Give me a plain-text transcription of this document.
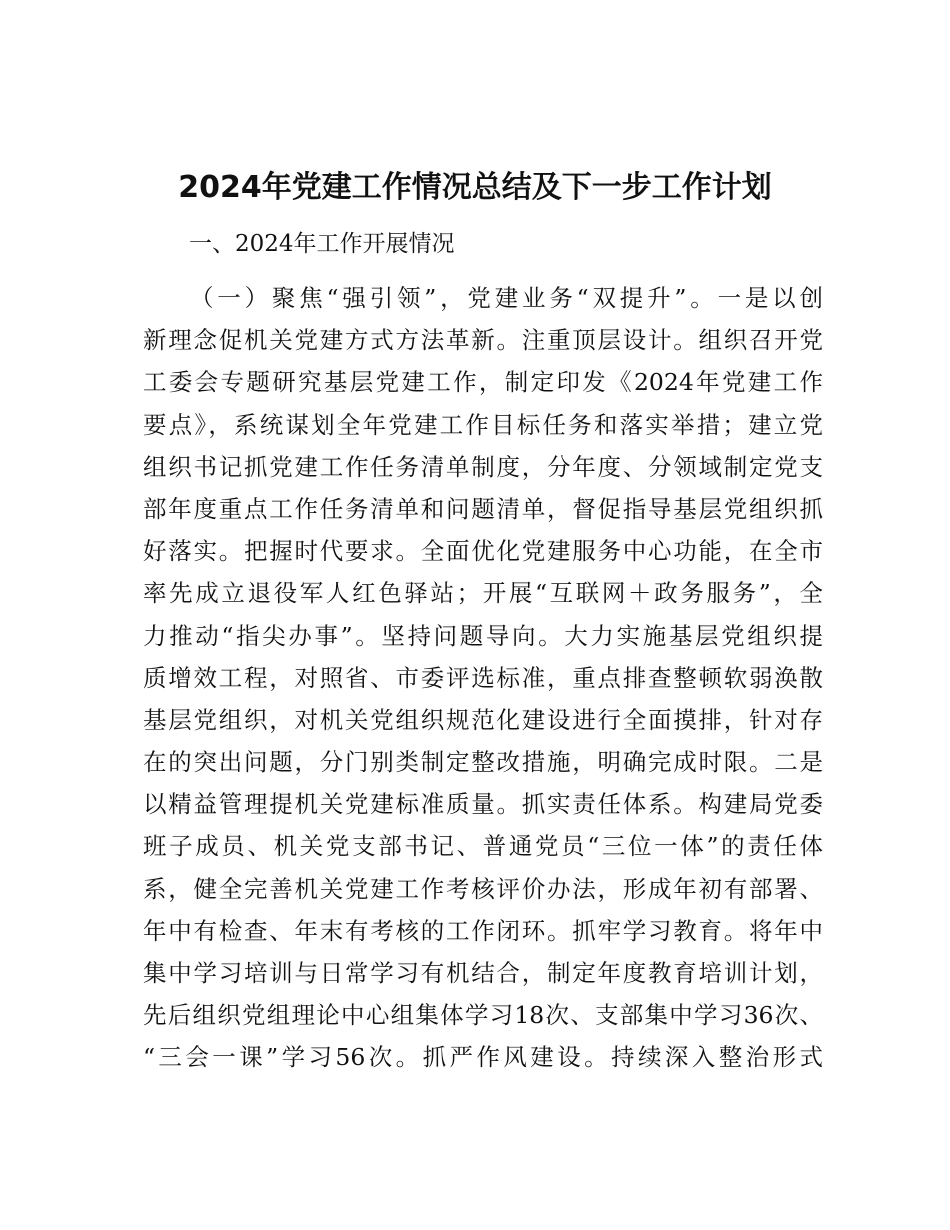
2024年党建工作情况总结及下一步工作计划
一、2024年工作开展情况
（一）聚焦“强引领”，党建业务“双提升”。一是以创
新理念促机关党建方式方法革新。注重顶层设计。组织召开党
工委会专题研究基层党建工作，制定印发《2024年党建工作
要点》，系统谋划全年党建工作目标任务和落实举措；建立党
组织书记抓党建工作任务清单制度，分年度、分领域制定党支
部年度重点工作任务清单和问题清单，督促指导基层党组织抓
好落实。把握时代要求。全面优化党建服务中心功能，在全市
率先成立退役军人红色驿站；开展“互联网＋政务服务”，全
力推动“指尖办事”。坚持问题导向。大力实施基层党组织提
质增效工程，对照省、市委评选标准，重点排查整顿软弱涣散
基层党组织，对机关党组织规范化建设进行全面摸排，针对存
在的突出问题，分门别类制定整改措施，明确完成时限。二是
以精益管理提机关党建标准质量。抓实责任体系。构建局党委
班子成员、机关党支部书记、普通党员“三位一体”的责任体
系，健全完善机关党建工作考核评价办法，形成年初有部署、
年中有检查、年末有考核的工作闭环。抓牢学习教育。将年中
集中学习培训与日常学习有机结合，制定年度教育培训计划，
先后组织党组理论中心组集体学习18次、支部集中学习36次、
“三会一课”学习56次。抓严作风建设。持续深入整治形式
